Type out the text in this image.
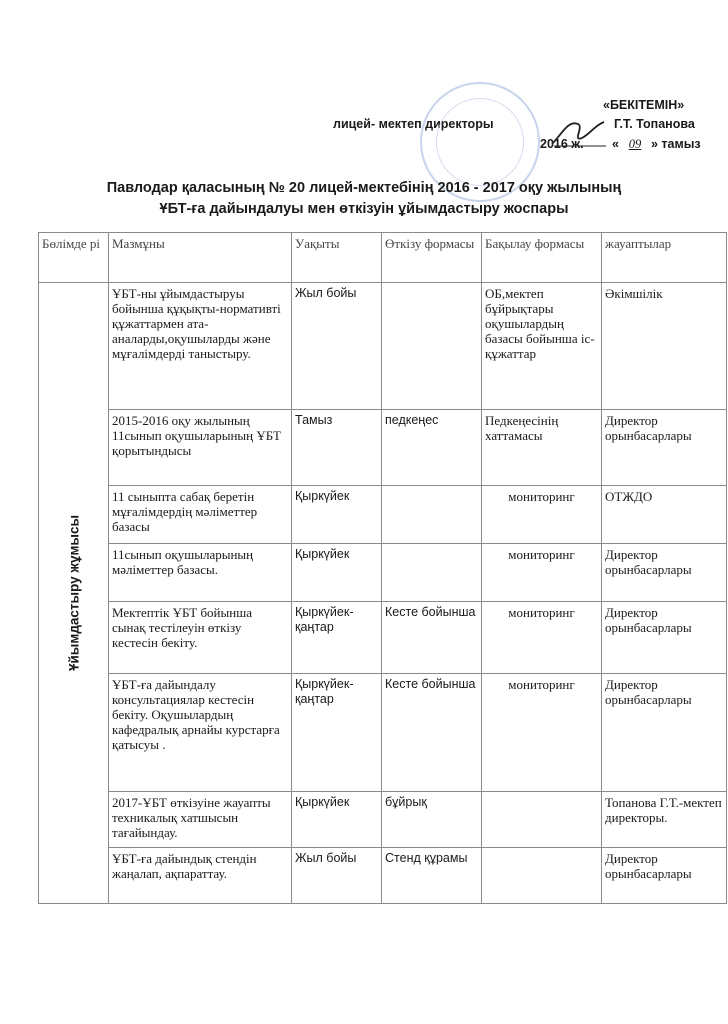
«БЕКІТЕМІН»
лицей- мектеп директоры	Г.Т. Топанова
2016 ж. « 09 » тамыз
Павлодар қаласының № 20 лицей-мектебінің 2016 - 2017 оқу жылының
ҰБТ-ға дайындалуы мен өткізуін ұйымдастыру жоспары
Бөлімде рі	Мазмұны	Уақыты	Өткізу формасы	Бақылау формасы	жауаптылар

Ұйымдастыру жұмысы	ҰБТ-ны ұйымдастыруы бойынша құқықты-нормативті құжаттармен ата-аналарды,оқушыларды және мұғалімдерді таныстыру.	Жыл бойы		ОБ,мектеп бұйрықтары оқушылардың базасы бойынша іс-құжаттар	Әкімшілік
	2015-2016 оқу жылының 11сынып оқушыларының ҰБТ қорытындысы	Тамыз	педкеңес	Педкеңесінің хаттамасы	Директор орынбасарлары
	11 сыныпта сабақ беретін мұғалімдердің мәліметтер базасы	Қыркүйек		мониторинг	ОТЖДО
	11сынып оқушыларының мәліметтер базасы.	Қыркүйек		мониторинг	Директор орынбасарлары
	Мектептік ҰБТ бойынша сынақ тестілеуін өткізу кестесін бекіту.	Қыркүйек-қаңтар	Кесте бойынша	мониторинг	Директор орынбасарлары
	ҰБТ-ға дайындалу консультациялар кестесін бекіту. Оқушылардың кафедралық арнайы курстарға қатысуы .	Қыркүйек-қаңтар	Кесте бойынша	мониторинг	Директор орынбасарлары
	2017-ҰБТ өткізуіне жауапты техникалық хатшысын тағайындау.	Қыркүйек	бұйрық		Топанова Г.Т.-мектеп директоры.
	ҰБТ-ға дайындық стендін жаңалап, ақпараттау.	Жыл бойы	Стенд құрамы		Директор орынбасарлары
